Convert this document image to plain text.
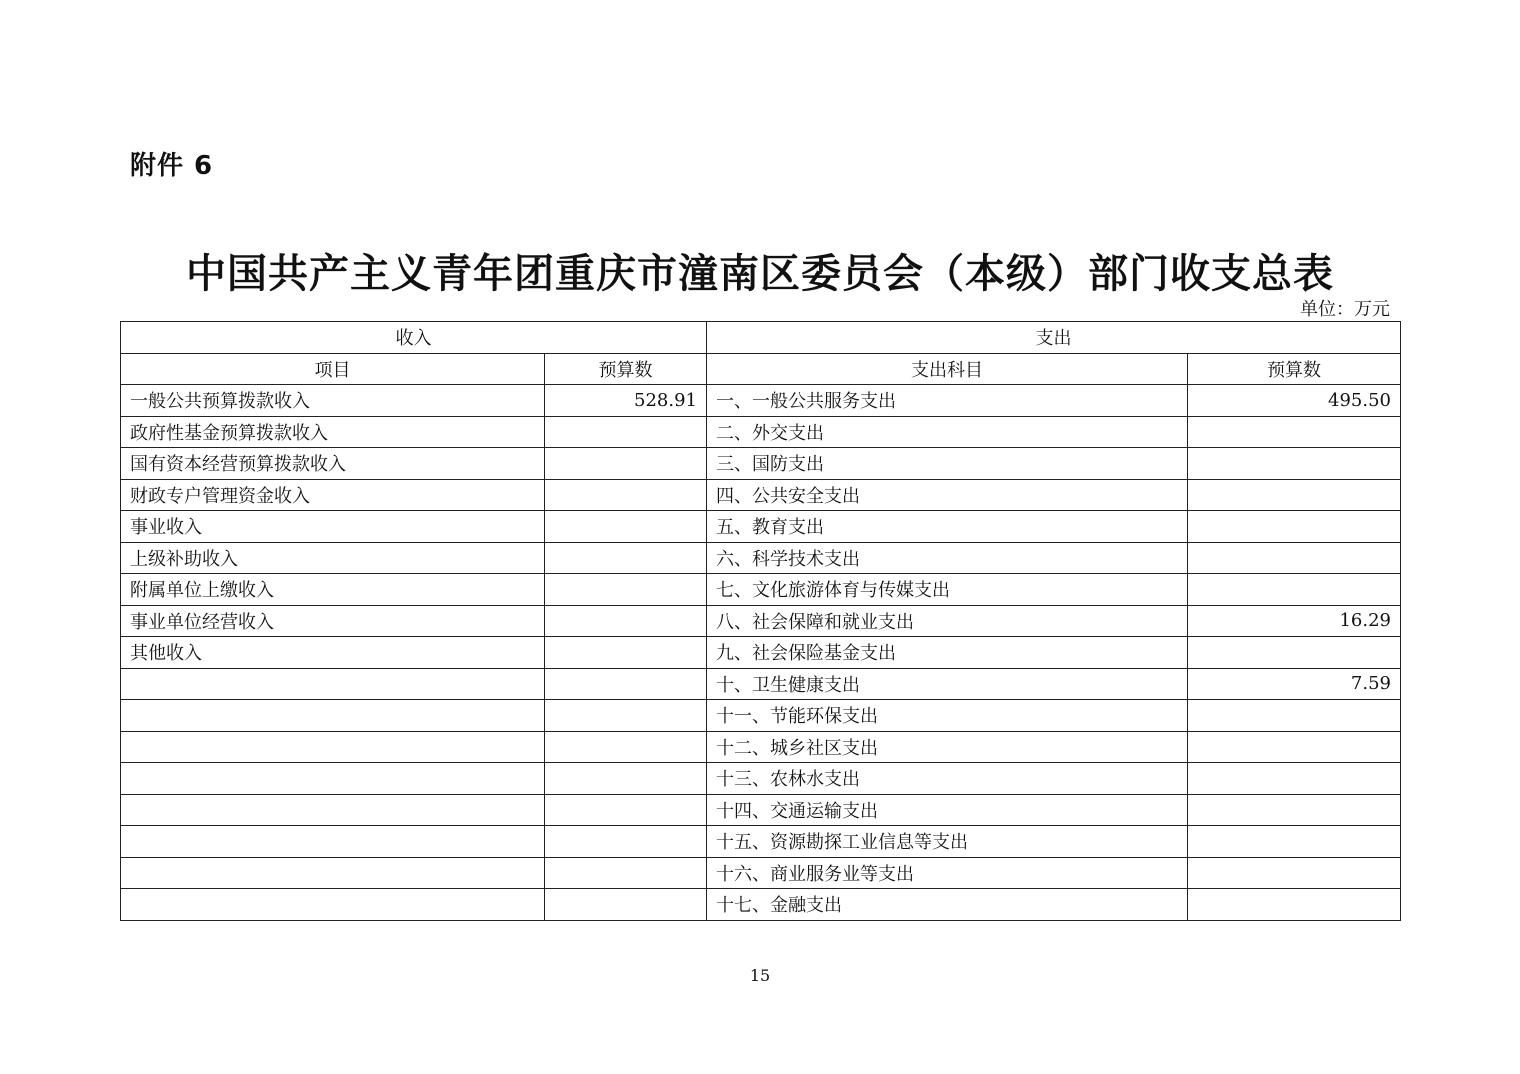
附件 6
中国共产主义青年团重庆市潼南区委员会（本级）部门收支总表
单位：万元
收入		支出	
项目	预算数	支出科目	预算数
一般公共预算拨款收入	528.91	一、一般公共服务支出	495.50
政府性基金预算拨款收入		二、外交支出	
国有资本经营预算拨款收入		三、国防支出	
财政专户管理资金收入		四、公共安全支出	
事业收入		五、教育支出	
上级补助收入		六、科学技术支出	
附属单位上缴收入		七、文化旅游体育与传媒支出	
事业单位经营收入		八、社会保障和就业支出	16.29
其他收入		九、社会保险基金支出	
		十、卫生健康支出	7.59
		十一、节能环保支出	
		十二、城乡社区支出	
		十三、农林水支出	
		十四、交通运输支出	
		十五、资源勘探工业信息等支出	
		十六、商业服务业等支出	
		十七、金融支出	
15
